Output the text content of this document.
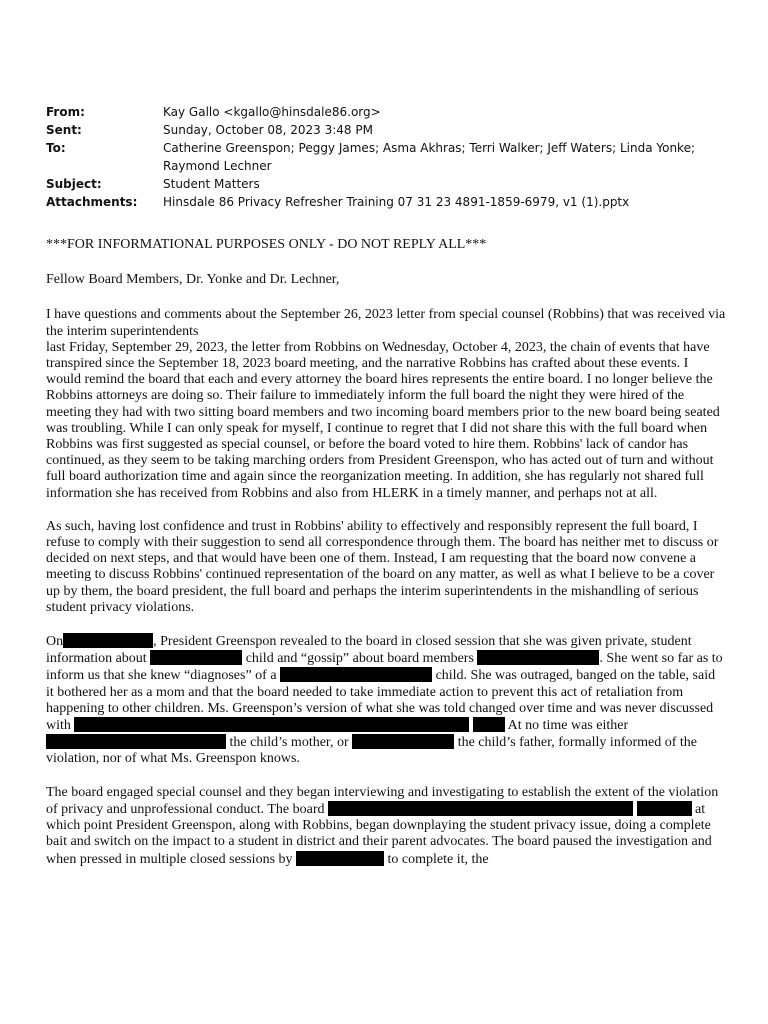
From:	Kay Gallo <kgallo@hinsdale86.org>
Sent:	Sunday, October 08, 2023 3:48 PM
To:	Catherine Greenspon; Peggy James; Asma Akhras; Terri Walker; Jeff Waters; Linda Yonke; Raymond Lechner
Subject:	Student Matters
Attachments:	Hinsdale 86 Privacy Refresher Training 07 31 23 4891-1859-6979, v1 (1).pptx

***FOR INFORMATIONAL PURPOSES ONLY - DO NOT REPLY ALL***

Fellow Board Members, Dr. Yonke and Dr. Lechner,

I have questions and comments about the September 26, 2023 letter from special counsel (Robbins) that was received via the interim superintendents

last Friday, September 29, 2023, the letter from Robbins on Wednesday, October 4, 2023, the chain of events that have transpired since the September 18, 2023 board meeting, and the narrative Robbins has crafted about these events. I would remind the board that each and every attorney the board hires represents the entire board. I no longer believe the Robbins attorneys are doing so. Their failure to immediately inform the full board the night they were hired of the meeting they had with two sitting board members and two incoming board members prior to the new board being seated was troubling. While I can only speak for myself, I continue to regret that I did not share this with the full board when Robbins was first suggested as special counsel, or before the board voted to hire them. Robbins' lack of candor has continued, as they seem to be taking marching orders from President Greenspon, who has acted out of turn and without full board authorization time and again since the reorganization meeting. In addition, she has regularly not shared full information she has received from Robbins and also from HLERK in a timely manner, and perhaps not at all.

As such, having lost confidence and trust in Robbins' ability to effectively and responsibly represent the full board, I refuse to comply with their suggestion to send all correspondence through them. The board has neither met to discuss or decided on next steps, and that would have been one of them. Instead, I am requesting that the board now convene a meeting to discuss Robbins' continued representation of the board on any matter, as well as what I believe to be a cover up by them, the board president, the full board and perhaps the interim superintendents in the mishandling of serious student privacy violations.

On	, President Greenspon revealed to the board in closed session that she was given private, student information about	child and “gossip” about board members	. She went so far as to inform us that she knew “diagnoses” of a	child. She was outraged, banged on the table, said it bothered her as a mom and that the board needed to take immediate action to prevent this act of retaliation from happening to other children. Ms. Greenspon’s version of what she was told changed over time and was never discussed with	At no time was either  the child’s mother, or	the child’s father, formally informed of the violation, nor of what Ms. Greenspon knows.

The board engaged special counsel and they began interviewing and investigating to establish the extent of the violation of privacy and unprofessional conduct. The board	at which point President Greenspon, along with Robbins, began downplaying the student privacy issue, doing a complete bait and switch on the impact to a student in district and their parent advocates. The board paused the investigation and when pressed in multiple closed sessions by	to complete it, the
